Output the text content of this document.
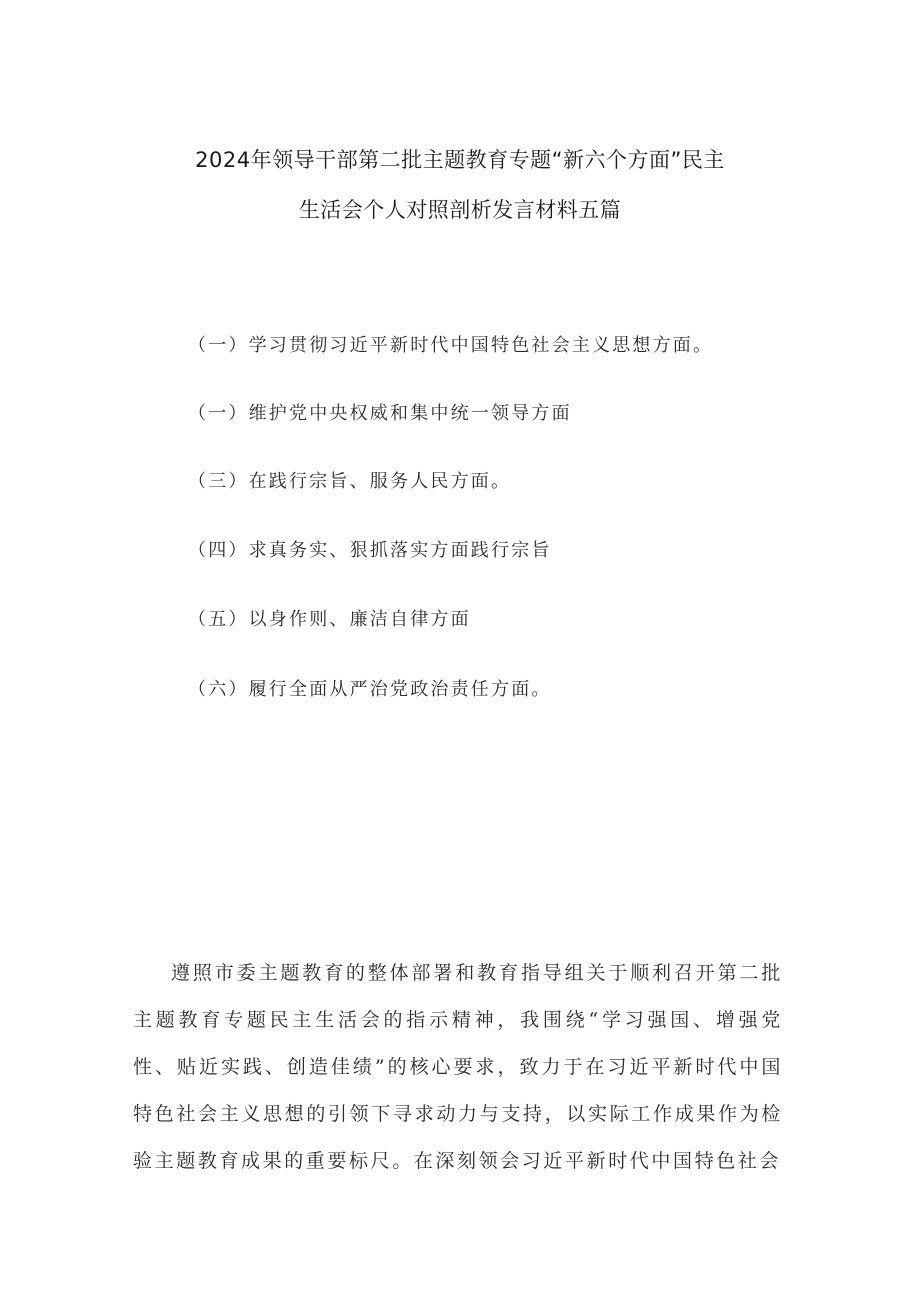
2024年领导干部第二批主题教育专题“新六个方面”民主
生活会个人对照剖析发言材料五篇
（一）学习贯彻习近平新时代中国特色社会主义思想方面。
（一）维护党中央权威和集中统一领导方面
（三）在践行宗旨、服务人民方面。
（四）求真务实、狠抓落实方面践行宗旨
（五）以身作则、廉洁自律方面
（六）履行全面从严治党政治责任方面。

遵照市委主题教育的整体部署和教育指导组关于顺利召开第二批主题教育专题民主生活会的指示精神，我围绕“学习强国、增强党性、贴近实践、创造佳绩”的核心要求，致力于在习近平新时代中国特色社会主义思想的引领下寻求动力与支持，以实际工作成果作为检验主题教育成果的重要标尺。在深刻领会习近平新时代中国特色社会
